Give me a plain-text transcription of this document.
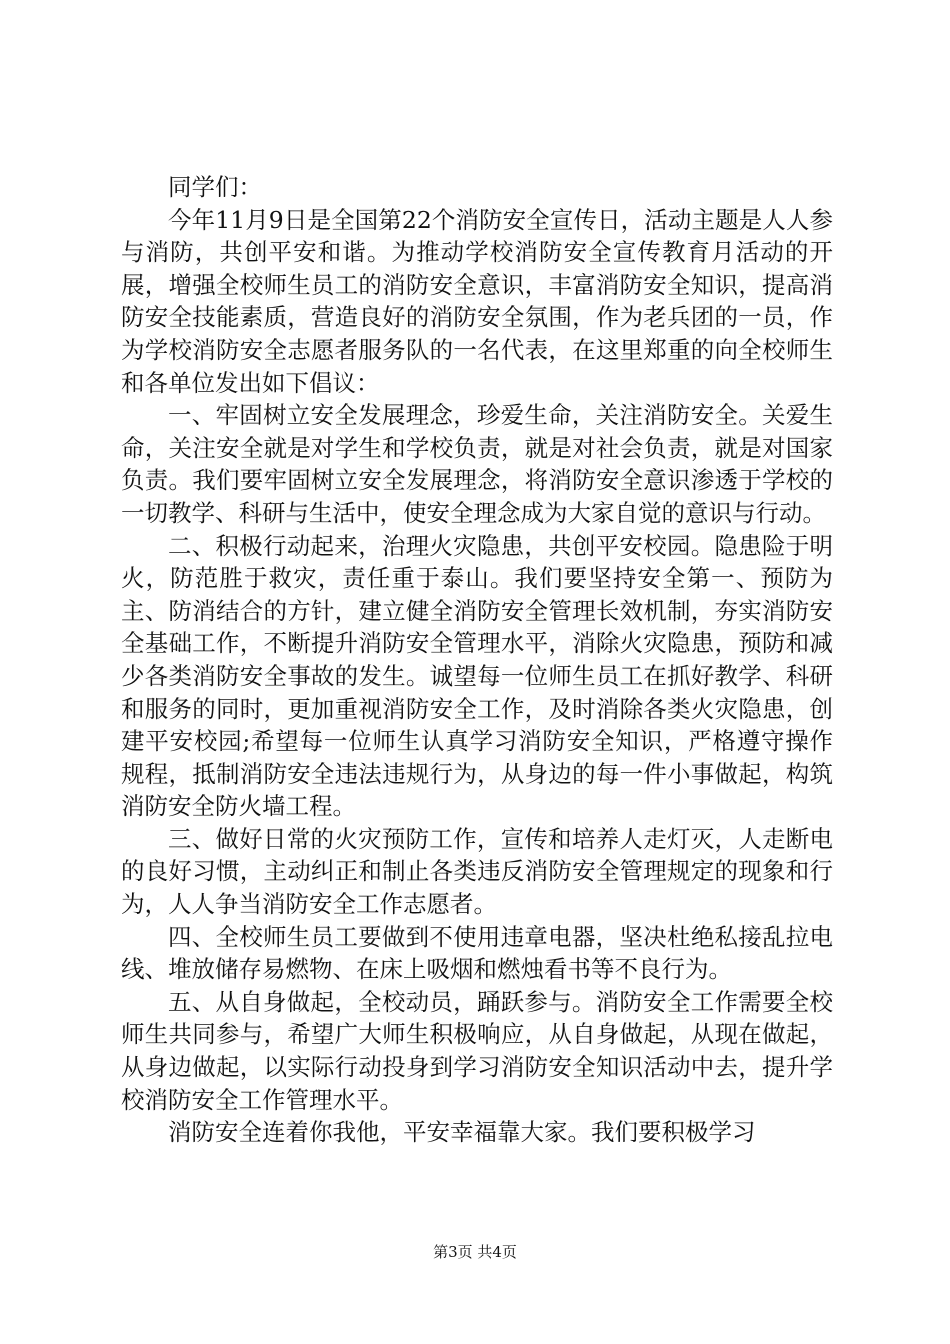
同学们：

今年11月9日是全国第22个消防安全宣传日，活动主题是人人参与消防，共创平安和谐。为推动学校消防安全宣传教育月活动的开展，增强全校师生员工的消防安全意识，丰富消防安全知识，提高消防安全技能素质，营造良好的消防安全氛围，作为老兵团的一员，作为学校消防安全志愿者服务队的一名代表，在这里郑重的向全校师生和各单位发出如下倡议：

一、牢固树立安全发展理念，珍爱生命，关注消防安全。关爱生命，关注安全就是对学生和学校负责，就是对社会负责，就是对国家负责。我们要牢固树立安全发展理念，将消防安全意识渗透于学校的一切教学、科研与生活中，使安全理念成为大家自觉的意识与行动。

二、积极行动起来，治理火灾隐患，共创平安校园。隐患险于明火，防范胜于救灾，责任重于泰山。我们要坚持安全第一、预防为主、防消结合的方针，建立健全消防安全管理长效机制，夯实消防安全基础工作，不断提升消防安全管理水平，消除火灾隐患，预防和减少各类消防安全事故的发生。诚望每一位师生员工在抓好教学、科研和服务的同时，更加重视消防安全工作，及时消除各类火灾隐患，创建平安校园;希望每一位师生认真学习消防安全知识，严格遵守操作规程，抵制消防安全违法违规行为，从身边的每一件小事做起，构筑消防安全防火墙工程。

三、做好日常的火灾预防工作，宣传和培养人走灯灭，人走断电的良好习惯，主动纠正和制止各类违反消防安全管理规定的现象和行为，人人争当消防安全工作志愿者。

四、全校师生员工要做到不使用违章电器，坚决杜绝私接乱拉电线、堆放储存易燃物、在床上吸烟和燃烛看书等不良行为。

五、从自身做起，全校动员，踊跃参与。消防安全工作需要全校师生共同参与，希望广大师生积极响应，从自身做起，从现在做起，从身边做起，以实际行动投身到学习消防安全知识活动中去，提升学校消防安全工作管理水平。

消防安全连着你我他，平安幸福靠大家。我们要积极学习

第3页 共4页
